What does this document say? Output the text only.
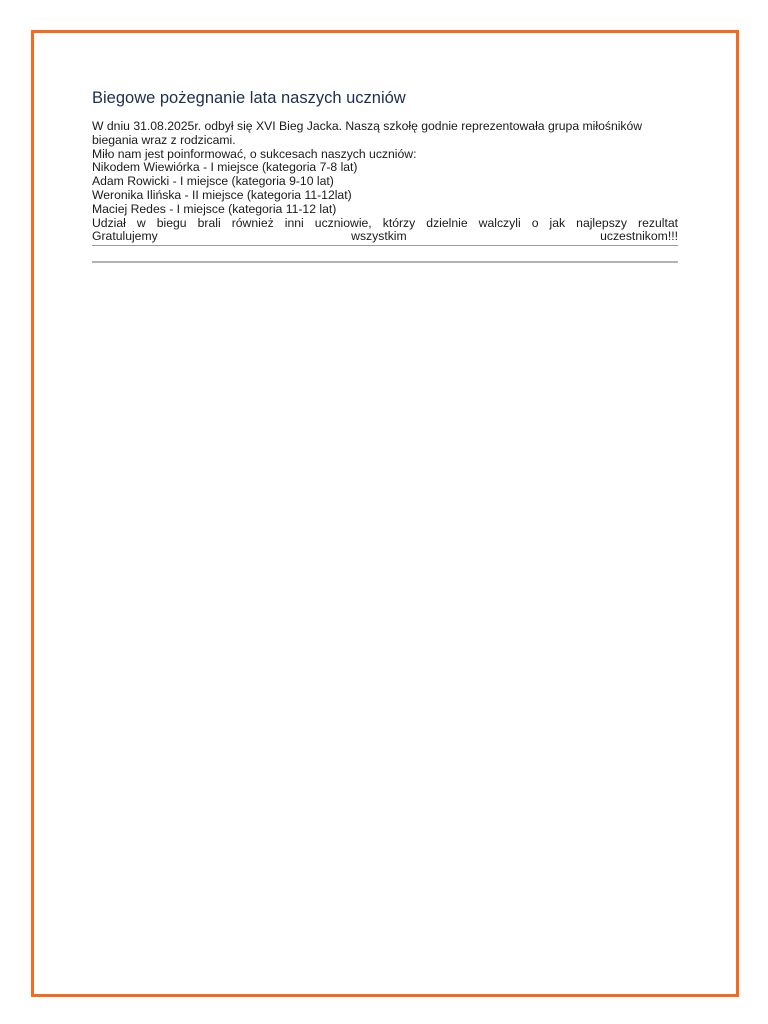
Biegowe pożegnanie lata naszych uczniów

W dniu 31.08.2025r. odbył się XVI Bieg Jacka. Naszą szkołę godnie reprezentowała grupa miłośników biegania wraz z rodzicami.

Miło nam jest poinformować, o sukcesach naszych uczniów:

Nikodem Wiewiórka - I miejsce (kategoria 7-8 lat)

Adam Rowicki - I miejsce (kategoria 9-10 lat)

Weronika Ilińska - II miejsce (kategoria 11-12lat)

Maciej Redes - I miejsce (kategoria 11-12 lat)

Udział w biegu brali również inni uczniowie, którzy dzielnie walczyli o jak najlepszy rezultat

Gratulujemy wszystkim uczestnikom!!!
